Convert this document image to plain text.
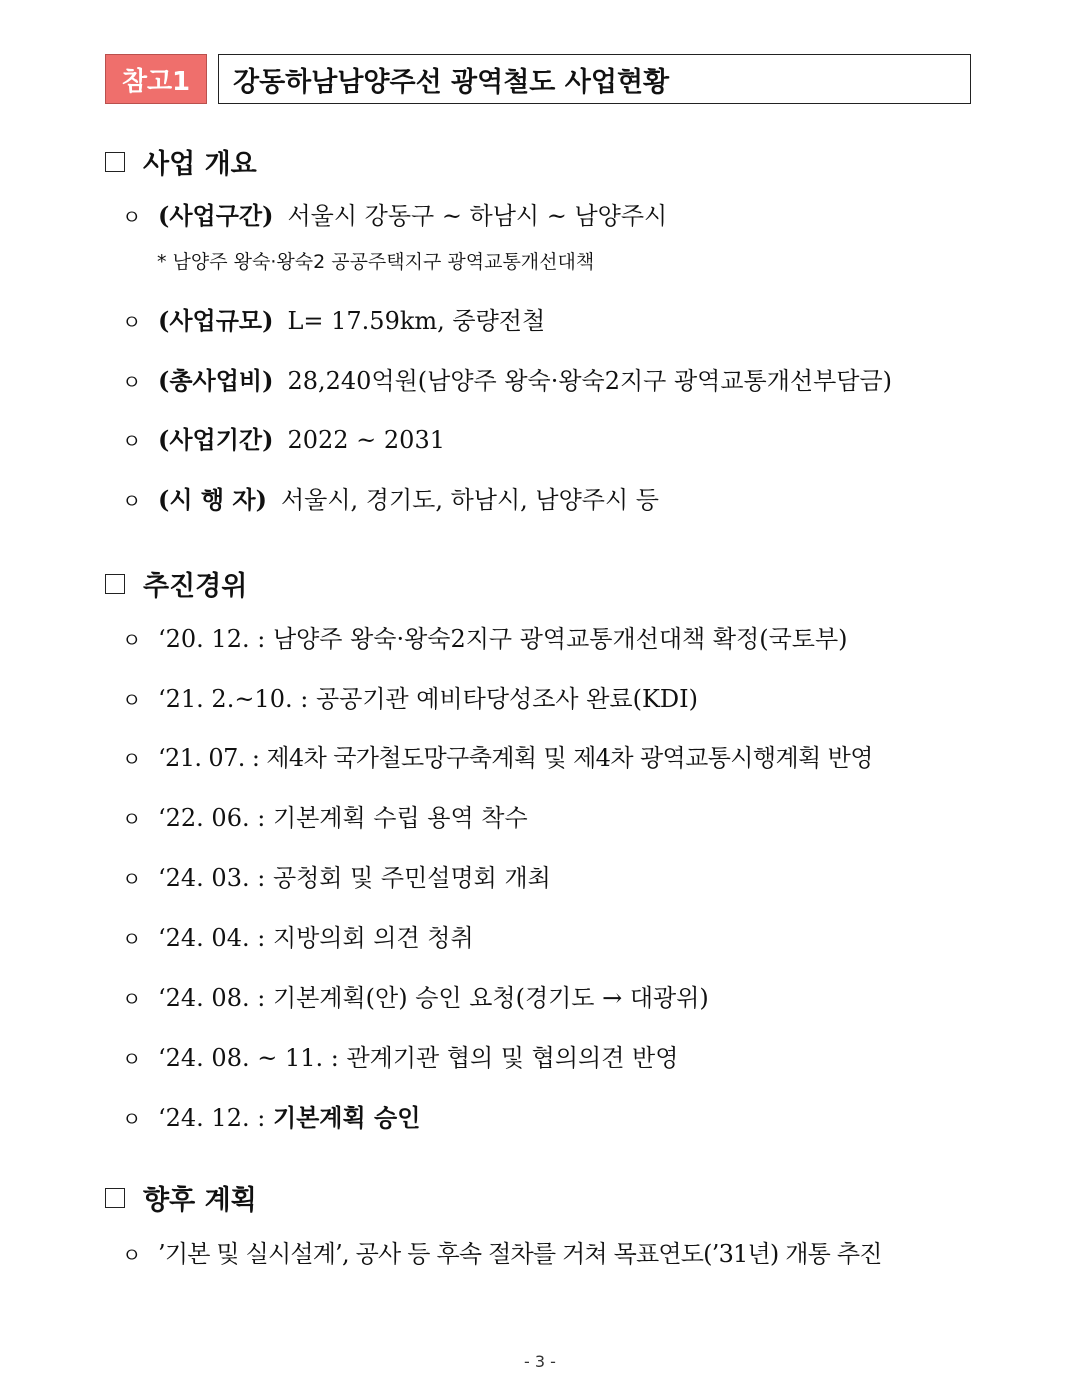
참고1	강동하남남양주선 광역철도 사업현황
사업 개요
ㅇ (사업구간) 서울시 강동구 ~ 하남시 ~ 남양주시
* 남양주 왕숙·왕숙2 공공주택지구 광역교통개선대책
ㅇ (사업규모) L= 17.59km, 중량전철
ㅇ (총사업비) 28,240억원(남양주 왕숙·왕숙2지구 광역교통개선부담금)
ㅇ (사업기간) 2022 ~ 2031
ㅇ (시 행 자) 서울시, 경기도, 하남시, 남양주시 등
추진경위
ㅇ ‘20. 12. : 남양주 왕숙·왕숙2지구 광역교통개선대책 확정(국토부)
ㅇ ‘21. 2.~10. : 공공기관 예비타당성조사 완료(KDI)
ㅇ ‘21. 07. : 제4차 국가철도망구축계획 및 제4차 광역교통시행계획 반영
ㅇ ‘22. 06. : 기본계획 수립 용역 착수
ㅇ ‘24. 03. : 공청회 및 주민설명회 개최
ㅇ ‘24. 04. : 지방의회 의견 청취
ㅇ ‘24. 08. : 기본계획(안) 승인 요청(경기도 → 대광위)
ㅇ ‘24. 08. ~ 11. : 관계기관 협의 및 협의의견 반영
ㅇ ‘24. 12. : 기본계획 승인
향후 계획
ㅇ ’기본 및 실시설계’, 공사 등 후속 절차를 거쳐 목표연도(’31년) 개통 추진
- 3 -
